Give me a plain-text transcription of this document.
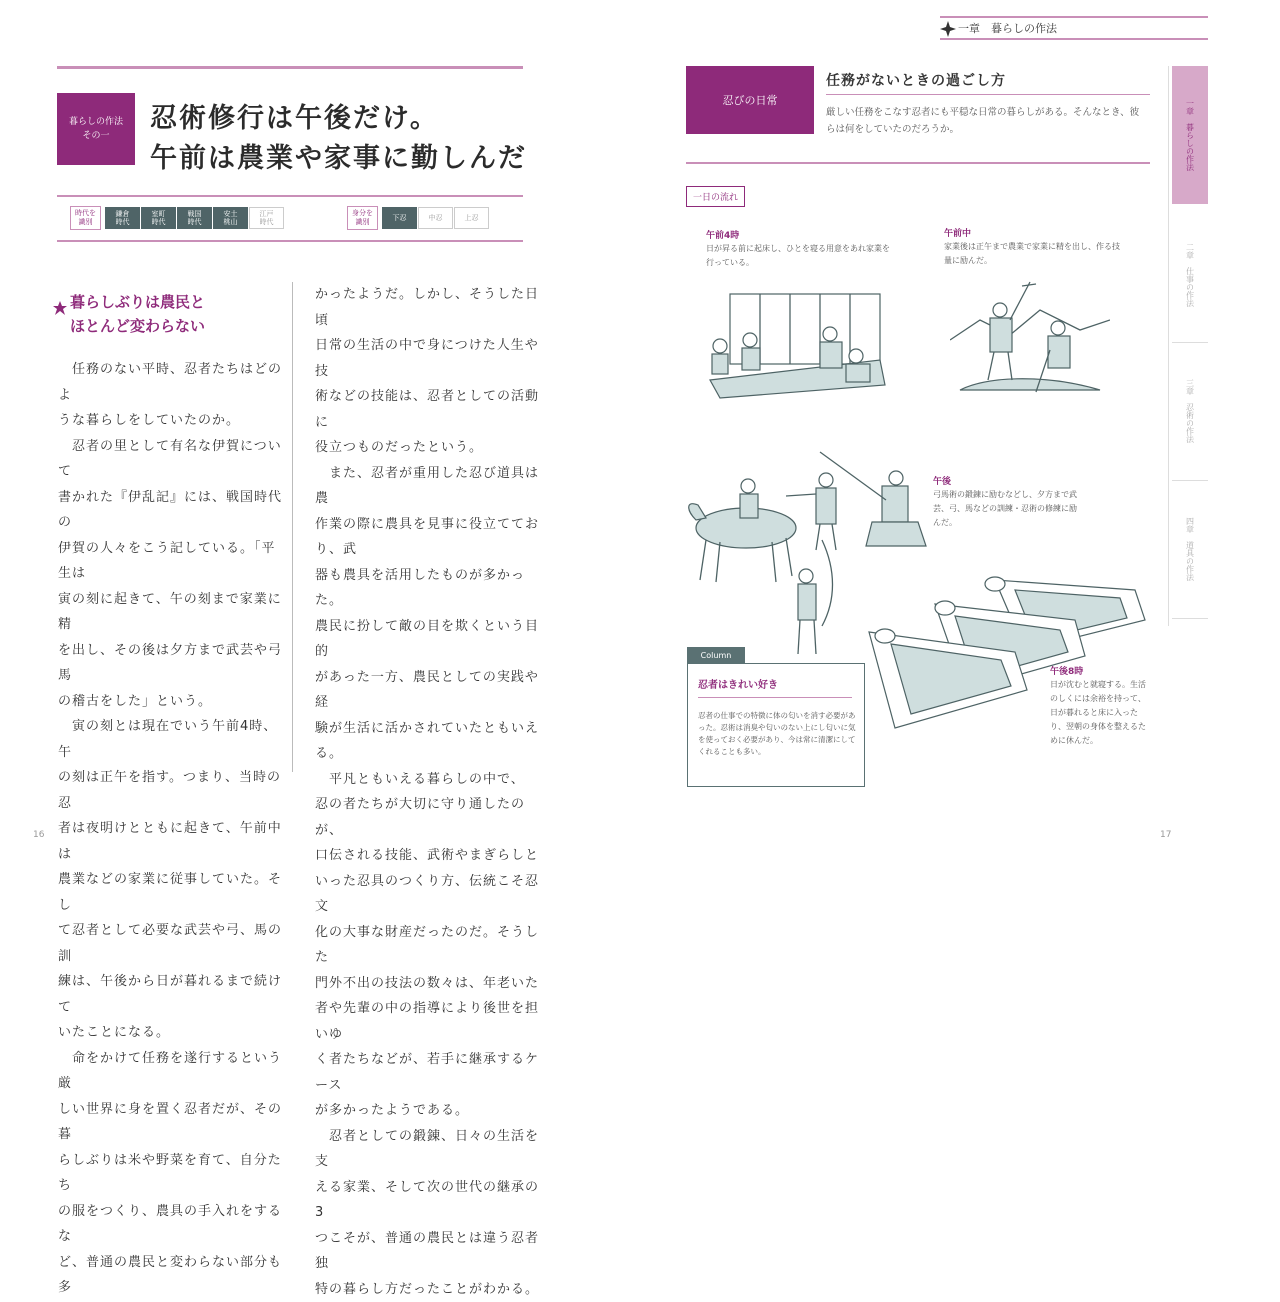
暮らしの作法
その一
忍術修行は午後だけ。
午前は農業や家事に勤しんだ
時代を
識別
鎌倉
時代
室町
時代
戦国
時代
安土
桃山
江戸
時代
身分を
識別	下忍	中忍	上忍
暮らしぶりは農民と
ほとんど変わらない
　任務のない平時、忍者たちはどのよ
うな暮らしをしていたのか。
　忍者の里として有名な伊賀について
書かれた『伊乱記』には、戦国時代の
伊賀の人々をこう記している。「平生は
寅の刻に起きて、午の刻まで家業に精
を出し、その後は夕方まで武芸や弓馬
の稽古をした」という。
　寅の刻とは現在でいう午前4時、午
の刻は正午を指す。つまり、当時の忍
者は夜明けとともに起きて、午前中は
農業などの家業に従事していた。そし
て忍者として必要な武芸や弓、馬の訓
練は、午後から日が暮れるまで続けて
いたことになる。
　命をかけて任務を遂行するという厳
しい世界に身を置く忍者だが、その暮
らしぶりは米や野菜を育て、自分たち
の服をつくり、農具の手入れをするな
ど、普通の農民と変わらない部分も多
かったようだ。しかし、そうした日頃
日常の生活の中で身につけた人生や技
術などの技能は、忍者としての活動に
役立つものだったという。
　また、忍者が重用した忍び道具は農
作業の際に農具を見事に役立てており、武
器も農具を活用したものが多かった。
農民に扮して敵の目を欺くという目的
があった一方、農民としての実践や経
験が生活に活かされていたともいえる。
　平凡ともいえる暮らしの中で、
忍の者たちが大切に守り通したのが、
口伝される技能、武術やまぎらしと
いった忍具のつくり方、伝統こそ忍文
化の大事な財産だったのだ。そうした
門外不出の技法の数々は、年老いた
者や先輩の中の指導により後世を担いゆ
く者たちなどが、若手に継承するケース
が多かったようである。
　忍者としての鍛錬、日々の生活を支
える家業、そして次の世代の継承の3
つこそが、普通の農民とは違う忍者独
特の暮らし方だったことがわかる。
16
一章　暮らしの作法
忍びの日常
任務がないときの過ごし方
厳しい任務をこなす忍者にも平穏な日常の暮らしがある。そんなとき、彼らは何をしていたのだろうか。
一日の流れ
午前4時
日が昇る前に起床し、ひとを寝る用意をあれ家業を行っている。
午前中
家業後は正午まで農業で家業に精を出し、作る技量に励んだ。
午後
弓馬術の鍛錬に励むなどし、夕方まで武芸、弓、馬などの訓練・忍術の修練に励んだ。
午後8時
日が沈むと就寝する。生活のしくには余裕を持って、日が暮れると床に入ったり、翌朝の身体を整えるために休んだ。
Column
忍者はきれい好き
忍者の仕事での特徴に体の匂いを消す必要があった。忍術は消臭や匂いのない上にし匂いに気を使っておく必要があり、今は常に清潔にしてくれることも多い。
一章　暮らしの作法
二章　仕事の作法
三章　忍術の作法
四章　道具の作法
17
